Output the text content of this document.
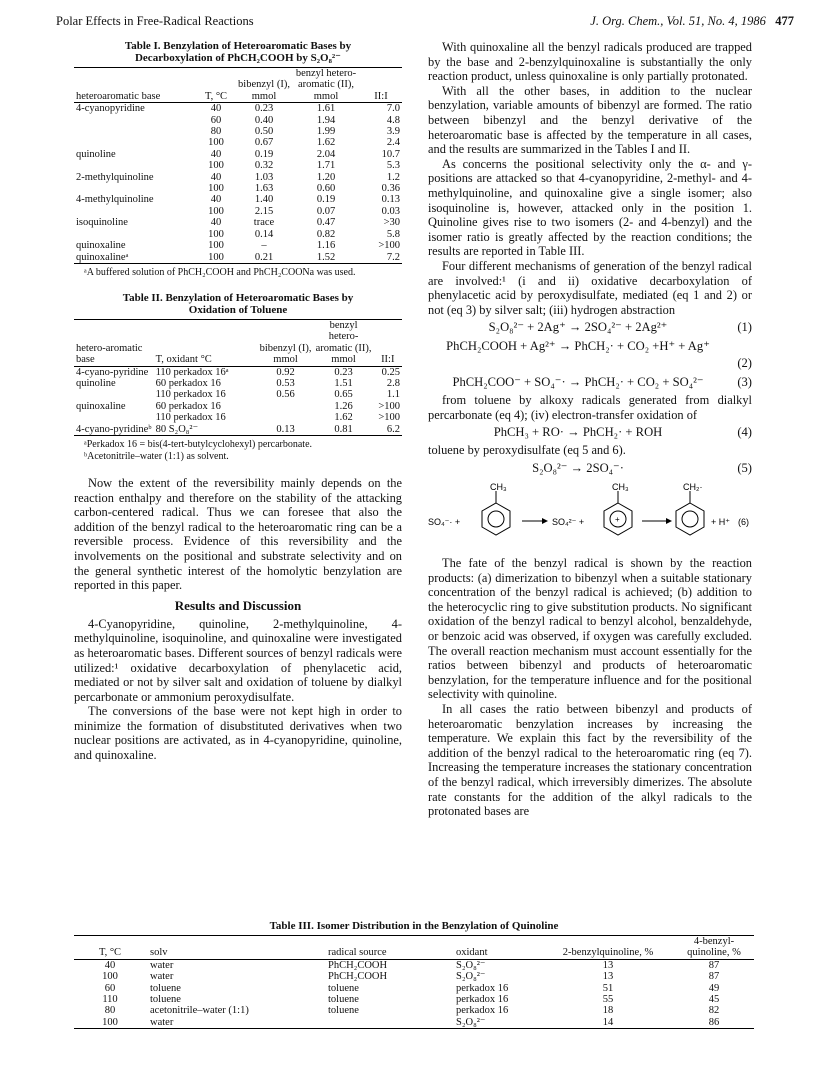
Polar Effects in Free-Radical Reactions	J. Org. Chem., Vol. 51, No. 4, 1986 477
Table I. Benzylation of Heteroaromatic Bases by
Decarboxylation of PhCH₂COOH by S₂O₈²⁻
heteroaromatic base	T, °C	bibenzyl (I), mmol	benzyl hetero-aromatic (II), mmol	II:I
4-cyanopyridine	40	0.23	1.61	7.0
	60	0.40	1.94	4.8
	80	0.50	1.99	3.9
	100	0.67	1.62	2.4
quinoline	40	0.19	2.04	10.7
	100	0.32	1.71	5.3
2-methylquinoline	40	1.03	1.20	1.2
	100	1.63	0.60	0.36
4-methylquinoline	40	1.40	0.19	0.13
	100	2.15	0.07	0.03
isoquinoline	40	trace	0.47	>30
	100	0.14	0.82	5.8
quinoxaline	100	–	1.16	>100
quinoxalineᵃ	100	0.21	1.52	7.2
ᵃA buffered solution of PhCH₂COOH and PhCH₂COONa was used.
Table II. Benzylation of Heteroaromatic Bases by
Oxidation of Toluene
hetero-aromatic base	T, oxidant °C	bibenzyl (I), mmol	benzyl hetero-aromatic (II), mmol	II:I
4-cyano-pyridine	110 perkadox 16ᵃ	0.92	0.23	0.25
quinoline	60 perkadox 16	0.53	1.51	2.8
	110 perkadox 16	0.56	0.65	1.1
quinoxaline	60 perkadox 16		1.26	>100
	110 perkadox 16		1.62	>100
4-cyano-pyridineᵇ	80 S₂O₈²⁻	0.13	0.81	6.2
ᵃPerkadox 16 = bis(4-tert-butylcyclohexyl) percarbonate.
ᵇAcetonitrile–water (1:1) as solvent.

Now the extent of the reversibility mainly depends on the reaction enthalpy and therefore on the stability of the attacking carbon-centered radical. Thus we can foresee that also the addition of the benzyl radical to the heteroaromatic ring can be a reversible process. Evidence of this reversibility and the involvements on the positional and substrate selectivity and on the general synthetic interest of the homolytic benzylation are reported in this paper.

Results and Discussion

4-Cyanopyridine, quinoline, 2-methylquinoline, 4-methylquinoline, isoquinoline, and quinoxaline were investigated as heteroaromatic bases. Different sources of benzyl radicals were utilized:¹ oxidative decarboxylation of phenylacetic acid, mediated or not by silver salt and oxidation of toluene by dialkyl percarbonate or ammonium peroxydisulfate.

The conversions of the base were not kept high in order to minimize the formation of disubstituted derivatives when two nuclear positions are activated, as in 4-cyanopyridine, quinoline, and quinoxaline.

With quinoxaline all the benzyl radicals produced are trapped by the base and 2-benzylquinoxaline is substantially the only reaction product, unless quinoxaline is only partially protonated.

With all the other bases, in addition to the nuclear benzylation, variable amounts of bibenzyl are formed. The ratio between bibenzyl and the benzyl derivative of the heteroaromatic base is affected by the temperature in all cases, and the results are summarized in the Tables I and II.

As concerns the positional selectivity only the α- and γ-positions are attacked so that 4-cyanopyridine, 2-methyl- and 4-methylquinoline, and quinoxaline give a single isomer; also isoquinoline is, however, attacked only in the position 1. Quinoline gives rise to two isomers (2- and 4-benzyl) and the isomer ratio is greatly affected by the reaction conditions; the results are reported in Table III.

Four different mechanisms of generation of the benzyl radical are involved:¹ (i and ii) oxidative decarboxylation of phenylacetic acid by peroxydisulfate, mediated (eq 1 and 2) or not (eq 3) by silver salt; (iii) hydrogen abstraction

S₂O₈²⁻ + 2Ag⁺ → 2SO₄²⁻ + 2Ag²⁺	(1)
PhCH₂COOH + Ag²⁺ → PhCH₂· + CO₂ +H⁺ + Ag⁺
(2)
PhCH₂COO⁻ + SO₄⁻· → PhCH₂· + CO₂ + SO₄²⁻	(3)

from toluene by alkoxy radicals generated from dialkyl percarbonate (eq 4); (iv) electron-transfer oxidation of

PhCH₃ + RO· → PhCH₂· + ROH	(4)

toluene by peroxydisulfate (eq 5 and 6).

S₂O₈²⁻ → 2SO₄⁻·	(5)
SO₄⁻· +
CH₃
SO₄²⁻ +	+
CH₃	CH₂·
+ H⁺ (6)

The fate of the benzyl radical is shown by the reaction products: (a) dimerization to bibenzyl when a suitable stationary concentration of the benzyl radical is achieved; (b) addition to the heterocyclic ring to give substitution products. No significant oxidation of the benzyl radical to benzyl alcohol, benzaldehyde, or benzoic acid was observed, if oxygen was carefully excluded. The overall reaction mechanism must account essentially for the ratios between bibenzyl and products of heteroaromatic benzylation, for the temperature influence and for the positional selectivity with quinoline.

In all cases the ratio between bibenzyl and products of heteroaromatic benzylation increases by increasing the temperature. We explain this fact by the reversibility of the addition of the benzyl radical to the heteroaromatic ring (eq 7). Increasing the temperature increases the stationary concentration of the benzyl radical, which irreversibly dimerizes. The absolute rate constants for the addition of the alkyl radicals to the protonated bases are

Table III. Isomer Distribution in the Benzylation of Quinoline
T, °C	solv	radical source	oxidant	2-benzylquinoline, %	4-benzyl-quinoline, %
40	water	PhCH₂COOH	S₂O₈²⁻	13	87
100	water	PhCH₂COOH	S₂O₈²⁻	13	87
60	toluene	toluene	perkadox 16	51	49
110	toluene	toluene	perkadox 16	55	45
80	acetonitrile–water (1:1)	toluene	perkadox 16	18	82
100	water		S₂O₈²⁻	14	86
